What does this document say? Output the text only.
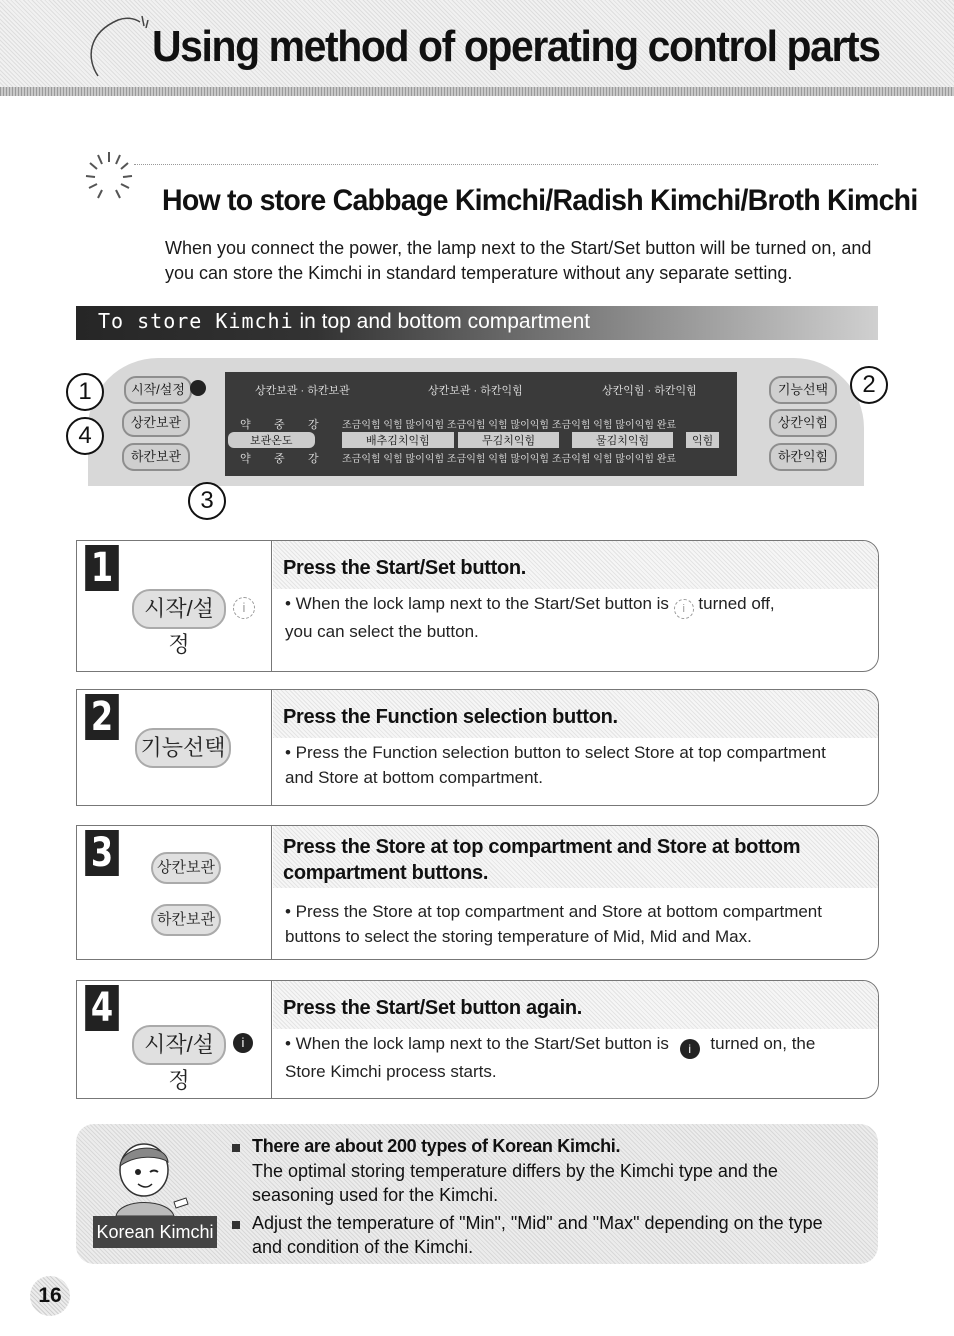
Using method of operating control parts
How to store Cabbage Kimchi/Radish Kimchi/Broth Kimchi
When you connect the power, the lamp next to the Start/Set button will be turned on, and you can store the Kimchi in standard temperature without any separate setting.
To store Kimchi in top and bottom compartment
시작/설정
상칸보관
하칸보관
기능선택
상칸익힘
하칸익힘
상칸보관 · 하칸보관	상칸보관 · 하칸익힘	상칸익힘 · 하칸익힘
약 중 강
약 중 강
보관온도	배추김치익힘	무김치익힘	물김치익힘	익힘
조금익힘 익힘 많이익힘 조금익힘 익힘 많이익힘 조금익힘 익힘 많이익힘 완료
조금익힘 익힘 많이익힘 조금익힘 익힘 많이익힘 조금익힘 익힘 많이익힘 완료
1	2
3
4
1
시작/설정
i
Press the Start/Set button.
• When the lock lamp next to the Start/Set button is i turned off,
you can select the button.
2
기능선택
Press the Function selection button.
• Press the Function selection button to select Store at top compartment
and Store at bottom compartment.
3	상칸보관
하칸보관
Press the Store at top compartment and Store at bottom
compartment buttons.
• Press the Store at top compartment and Store at bottom compartment
buttons to select the storing temperature of Mid, Mid and Max.
4
시작/설정
i
Press the Start/Set button again.
• When the lock lamp next to the Start/Set button is i turned on, the
Store Kimchi process starts.
Korean Kimchi
There are about 200 types of Korean Kimchi.
The optimal storing temperature differs by the Kimchi type and the
seasoning used for the Kimchi.
Adjust the temperature of "Min", "Mid" and "Max" depending on the type
and condition of the Kimchi.
16
